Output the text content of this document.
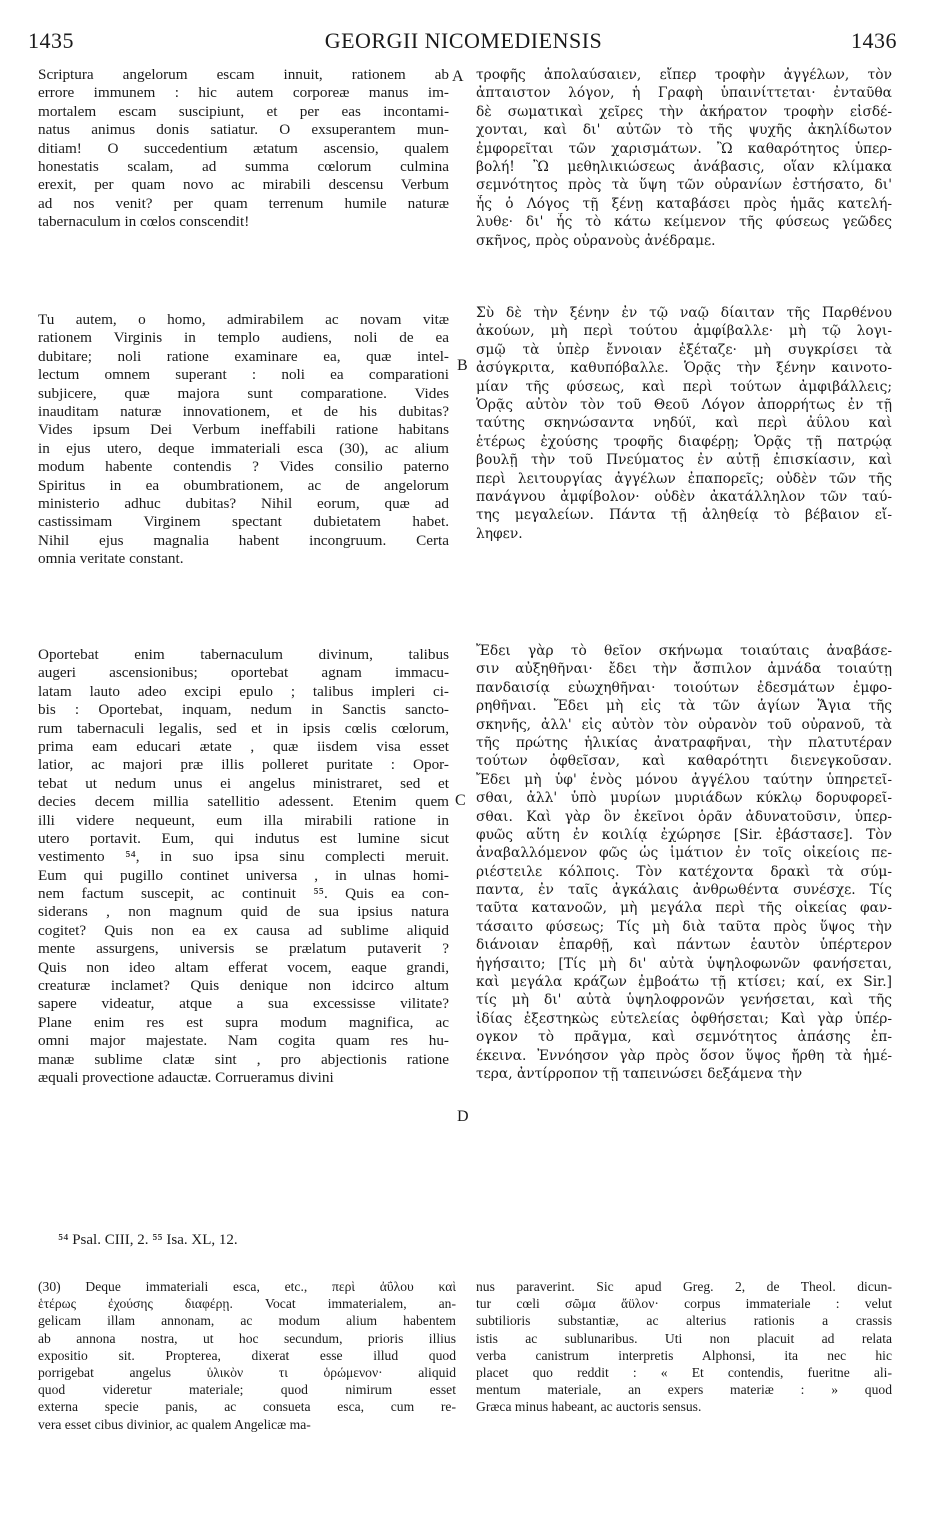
1435	GEORGII NICOMEDIENSIS	1436
A
B
C
D
Scriptura angelorum escam innuit, rationem ab
errore immunem : hic autem corporeæ manus im-
mortalem escam suscipiunt, et per eas incontami-
natus animus donis satiatur. O exsuperantem mun-
ditiam! O succedentium ætatum ascensio, qualem
honestatis scalam, ad summa cœlorum culmina
erexit, per quam novo ac mirabili descensu Verbum
ad nos venit? per quam terrenum humile naturæ
tabernaculum in cœlos conscendit!
Tu autem, o homo, admirabilem ac novam vitæ
rationem Virginis in templo audiens, noli de ea
dubitare; noli ratione examinare ea, quæ intel-
lectum omnem superant : noli ea comparationi
subjicere, quæ majora sunt comparatione. Vides
inauditam naturæ innovationem, et de his dubitas?
Vides ipsum Dei Verbum ineffabili ratione habitans
in ejus utero, deque immateriali esca (30), ac alium
modum habente contendis ? Vides consilio paterno
Spiritus in ea obumbrationem, ac de angelorum
ministerio adhuc dubitas? Nihil eorum, quæ ad
castissimam Virginem spectant dubietatem habet.
Nihil ejus magnalia habent incongruum. Certa
omnia veritate constant.
Oportebat enim tabernaculum divinum, talibus
augeri ascensionibus; oportebat agnam immacu-
latam lauto adeo excipi epulo ; talibus impleri ci-
bis : Oportebat, inquam, nedum in Sanctis sancto-
rum tabernaculi legalis, sed et in ipsis cœlis cœlorum,
prima eam educari ætate , quæ iisdem visa esset
latior, ac majori præ illis polleret puritate : Opor-
tebat ut nedum unus ei angelus ministraret, sed et
decies decem millia satellitio adessent. Etenim quem
illi videre nequeunt, eum illa mirabili ratione in
utero portavit. Eum, qui indutus est lumine sicut
vestimento ⁵⁴, in suo ipsa sinu complecti meruit.
Eum qui pugillo continet universa , in ulnas homi-
nem factum suscepit, ac continuit ⁵⁵. Quis ea con-
siderans , non magnum quid de sua ipsius natura
cogitet? Quis non ea ex causa ad sublime aliquid
mente assurgens, universis se prælatum putaverit ?
Quis non ideo altam efferat vocem, eaque grandi,
creaturæ inclamet? Quis denique non idcirco altum
sapere videatur, atque a sua excessisse vilitate?
Plane enim res est supra modum magnifica, ac
omni major majestate. Nam cogita quam res hu-
manæ sublime clatæ sint , pro abjectionis ratione
æquali provectione adauctæ. Corrueramus divini
τροφῆς ἀπολαύσαιεν, εἴπερ τροφὴν ἀγγέλων, τὸν
ἀπταιστον λόγον, ἡ Γραφὴ ὑπαινίττεται· ἐνταῦθα
δὲ σωματικαὶ χεῖρες τὴν ἀκήρατον τροφὴν εἰσδέ-
χονται, καὶ δι' αὐτῶν τὸ τῆς ψυχῆς ἀκηλίδωτον
ἐμφορεῖται τῶν χαρισμάτων. Ὢ καθαρότητος ὑπερ-
βολή! Ὢ μεθηλικιώσεως ἀνάβασις, οἵαν κλίμακα
σεμνότητος πρὸς τὰ ὕψη τῶν οὐρανίων ἐστήσατο, δι'
ἧς ὁ Λόγος τῇ ξένῃ καταβάσει πρὸς ἡμᾶς κατελή-
λυθε· δι' ἧς τὸ κάτω κείμενον τῆς φύσεως γεῶδες
σκῆνος, πρὸς οὐρανοὺς ἀνέδραμε.
Σὺ δὲ τὴν ξένην ἐν τῷ ναῷ δίαιταν τῆς Παρθένου
ἀκούων, μὴ περὶ τούτου ἀμφίβαλλε· μὴ τῷ λογι-
σμῷ τὰ ὑπὲρ ἔννοιαν ἐξέταζε· μὴ συγκρίσει τὰ
ἀσύγκριτα, καθυπόβαλλε. Ὁρᾷς τὴν ξένην καινοτο-
μίαν τῆς φύσεως, καὶ περὶ τούτων ἀμφιβάλλεις;
Ὁρᾷς αὐτὸν τὸν τοῦ Θεοῦ Λόγον ἀπορρήτως ἐν τῇ
ταύτης σκηνώσαντα νηδύϊ, καὶ περὶ ἀΰλου καὶ
ἑτέρως ἐχούσης τροφῆς διαφέρῃ; Ὁρᾷς τῇ πατρῴᾳ
βουλῇ τὴν τοῦ Πνεύματος ἐν αὐτῇ ἐπισκίασιν, καὶ
περὶ λειτουργίας ἀγγέλων ἐπαπορεῖς; οὐδὲν τῶν τῆς
πανάγνου ἀμφίβολον· οὐδὲν ἀκατάλληλον τῶν ταύ-
της μεγαλείων. Πάντα τῇ ἀληθείᾳ τὸ βέβαιον εἴ-
ληφεν.
Ἔδει γὰρ τὸ θεῖον σκήνωμα τοιαύταις ἀναβάσε-
σιν αὐξηθῆναι· ἔδει τὴν ἄσπιλον ἀμνάδα τοιαύτῃ
πανδαισίᾳ εὐωχηθῆναι· τοιούτων ἐδεσμάτων ἐμφο-
ρηθῆναι. Ἔδει μὴ εἰς τὰ τῶν ἁγίων Ἅγια τῆς
σκηνῆς, ἀλλ' εἰς αὐτὸν τὸν οὐρανὸν τοῦ οὐρανοῦ, τὰ
τῆς πρώτης ἡλικίας ἀνατραφῆναι, τὴν πλατυτέραν
τούτων ὀφθεῖσαν, καὶ καθαρότητι διενεγκοῦσαν.
Ἔδει μὴ ὑφ' ἑνὸς μόνου ἀγγέλου ταύτην ὑπηρετεῖ-
σθαι, ἀλλ' ὑπὸ μυρίων μυριάδων κύκλῳ δορυφορεῖ-
σθαι. Καὶ γὰρ ὃν ἐκεῖνοι ὁρᾶν ἀδυνατοῦσιν, ὑπερ-
φυῶς αὕτη ἐν κοιλίᾳ ἐχώρησε [Sir. ἐβάστασε]. Τὸν
ἀναβαλλόμενον φῶς ὡς ἱμάτιον ἐν τοῖς οἰκείοις πε-
ριέστειλε κόλποις. Τὸν κατέχοντα δρακὶ τὰ σύμ-
παντα, ἐν ταῖς ἀγκάλαις ἀνθρωθέντα συνέσχε. Τίς
ταῦτα κατανοῶν, μὴ μεγάλα περὶ τῆς οἰκείας φαν-
τάσαιτο φύσεως; Τίς μὴ διὰ ταῦτα πρὸς ὕψος τὴν
διάνοιαν ἐπαρθῇ, καὶ πάντων ἑαυτὸν ὑπέρτερον
ἡγήσαιτο; [Τίς μὴ δι' αὐτὰ ὑψηλοφωνῶν φανήσεται,
καὶ μεγάλα κράζων ἐμβοάτω τῇ κτίσει; καί, ex Sir.]
τίς μὴ δι' αὐτὰ ὑψηλοφρονῶν γενήσεται, καὶ τῆς
ἰδίας ἐξεστηκὼς εὐτελείας ὀφθήσεται; Καὶ γὰρ ὑπέρ-
ογκον τὸ πρᾶγμα, καὶ σεμνότητος ἀπάσης ἐπ-
έκεινα. Ἐννόησον γὰρ πρὸς ὅσον ὕψος ἤρθη τὰ ἡμέ-
τερα, ἀντίρροπον τῇ ταπεινώσει δεξάμενα τὴν
⁵⁴ Psal. CIII, 2. ⁵⁵ Isa. XL, 12.
(30) Deque immateriali esca, etc., περὶ ἀΰλου καὶ
ἑτέρως ἐχούσης διαφέρῃ. Vocat immaterialem, an-
gelicam illam annonam, ac modum alium habentem
ab annona nostra, ut hoc secundum, prioris illius
expositio sit. Propterea, dixerat esse illud quod
porrigebat angelus ὑλικὸν τι ὁρώμενον· aliquid
quod videretur materiale; quod nimirum esset
externa specie panis, ac consueta esca, cum re-
vera esset cibus divinior, ac qualem Angelicæ ma-
nus paraverint. Sic apud Greg. 2, de Theol. dicun-
tur cœli σῶμα ἄϋλον· corpus immateriale : velut
subtilioris substantiæ, ac alterius rationis a crassis
istis ac sublunaribus. Uti non placuit ad relata
verba canistrum interpretis Alphonsi, ita nec hic
placet quo reddit : « Et contendis, fueritne ali-
mentum materiale, an expers materiæ : » quod
Græca minus habeant, ac auctoris sensus.
